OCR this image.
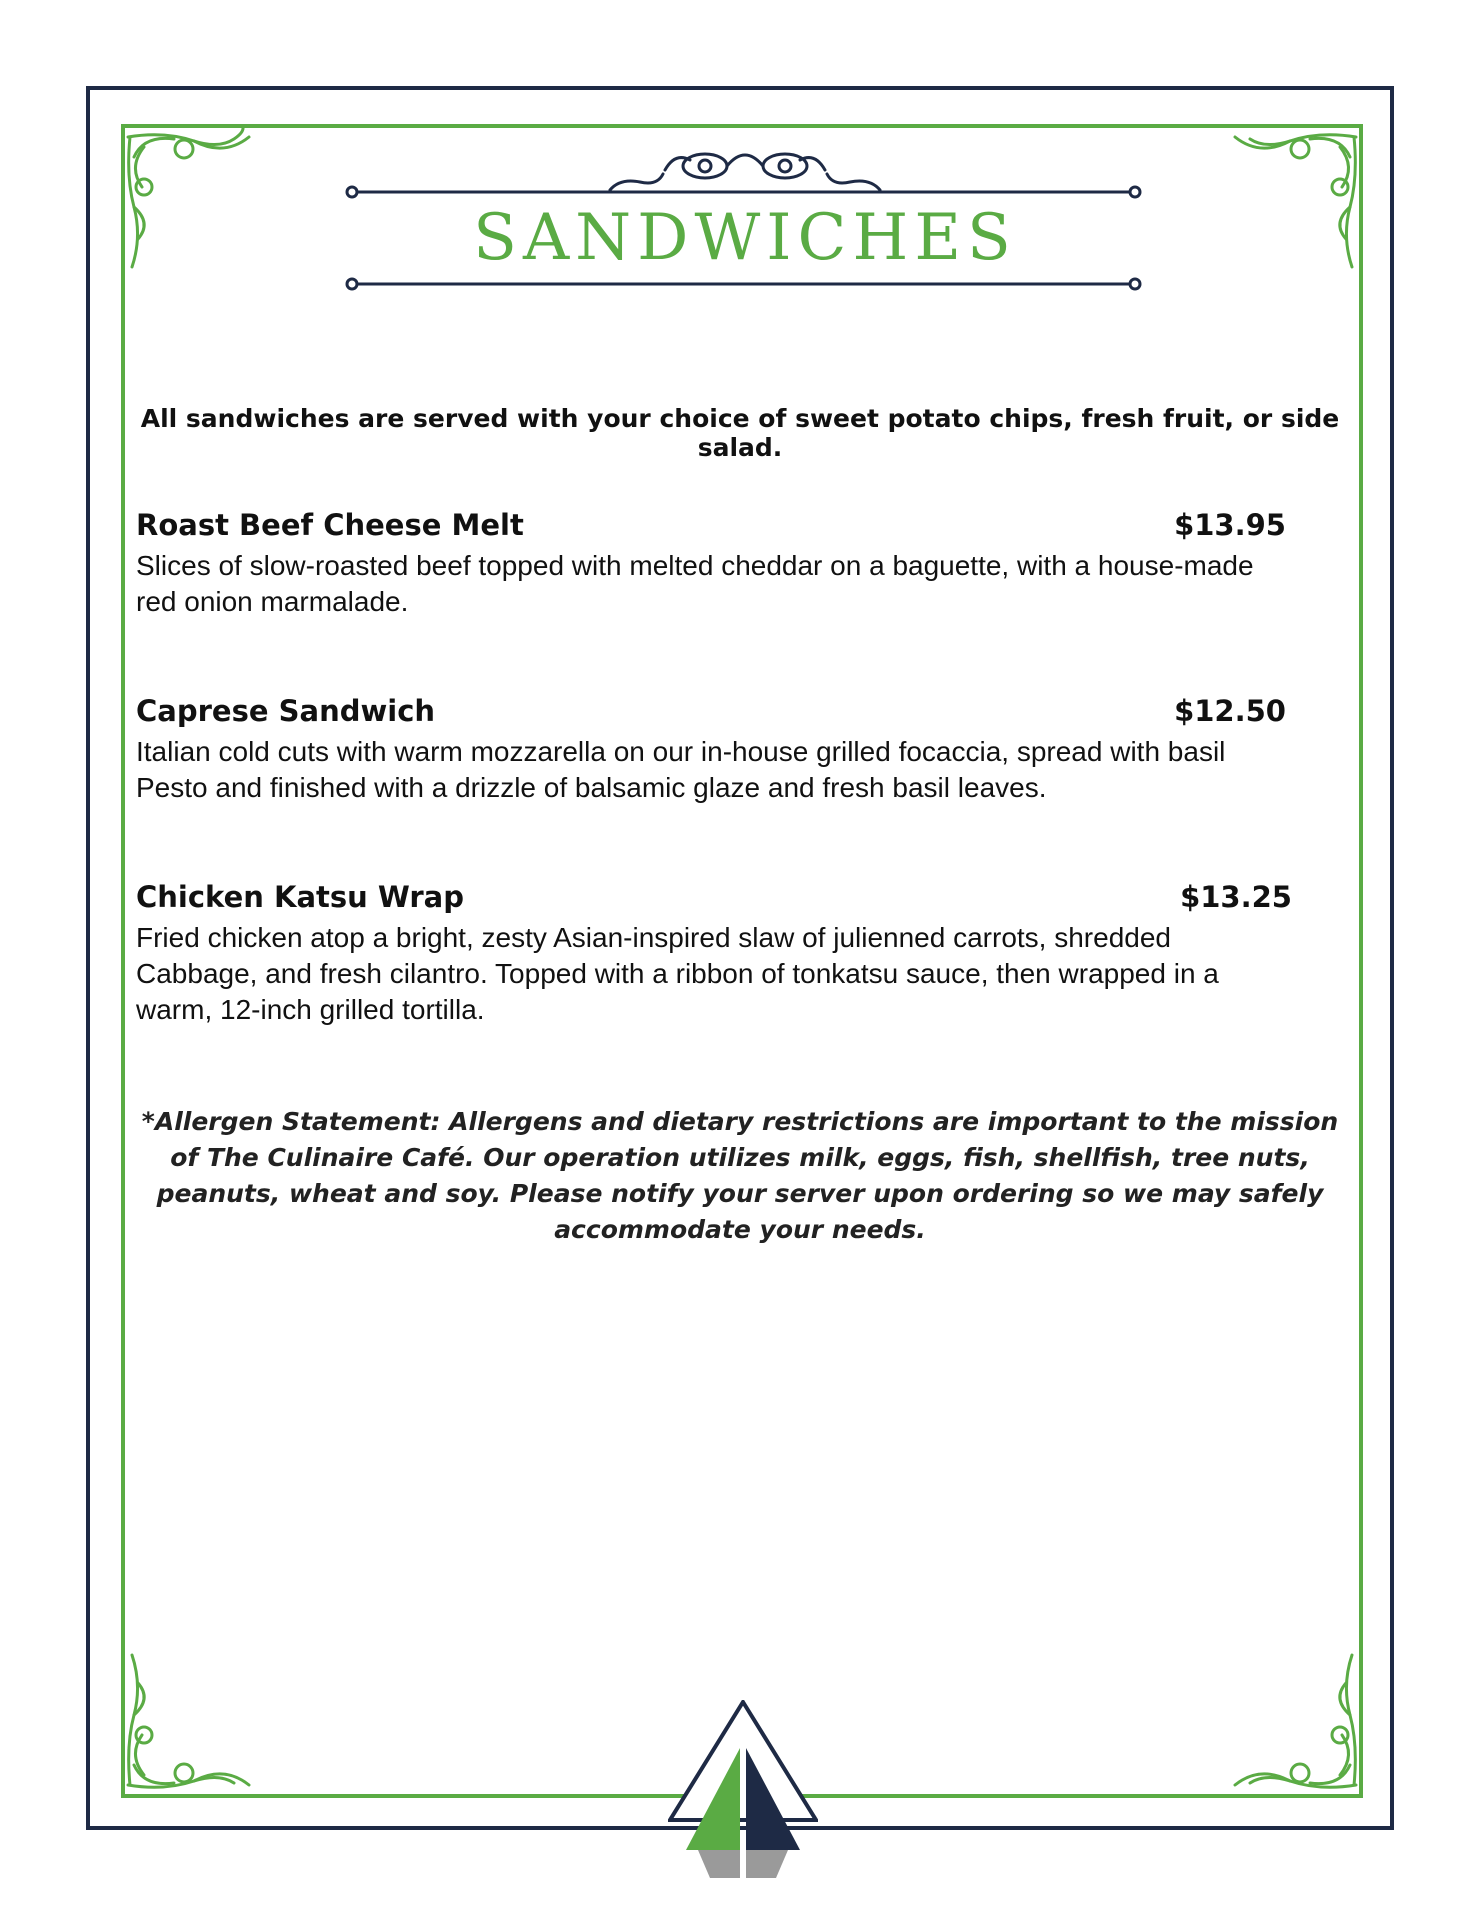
SANDWICHES
All sandwiches are served with your choice of sweet potato chips, fresh fruit, or side salad.
Roast Beef Cheese Melt	$13.95

Slices of slow-roasted beef topped with melted cheddar on a baguette, with a house-made red onion marmalade.

Caprese Sandwich	$12.50

Italian cold cuts with warm mozzarella on our in-house grilled focaccia, spread with basil Pesto and finished with a drizzle of balsamic glaze and fresh basil leaves.

Chicken Katsu Wrap	$13.25

Fried chicken atop a bright, zesty Asian-inspired slaw of julienned carrots, shredded Cabbage, and fresh cilantro. Topped with a ribbon of tonkatsu sauce, then wrapped in a warm, 12-inch grilled tortilla.

*Allergen Statement: Allergens and dietary restrictions are important to the mission of The Culinaire Café. Our operation utilizes milk, eggs, fish, shellfish, tree nuts, peanuts, wheat and soy. Please notify your server upon ordering so we may safely accommodate your needs.
